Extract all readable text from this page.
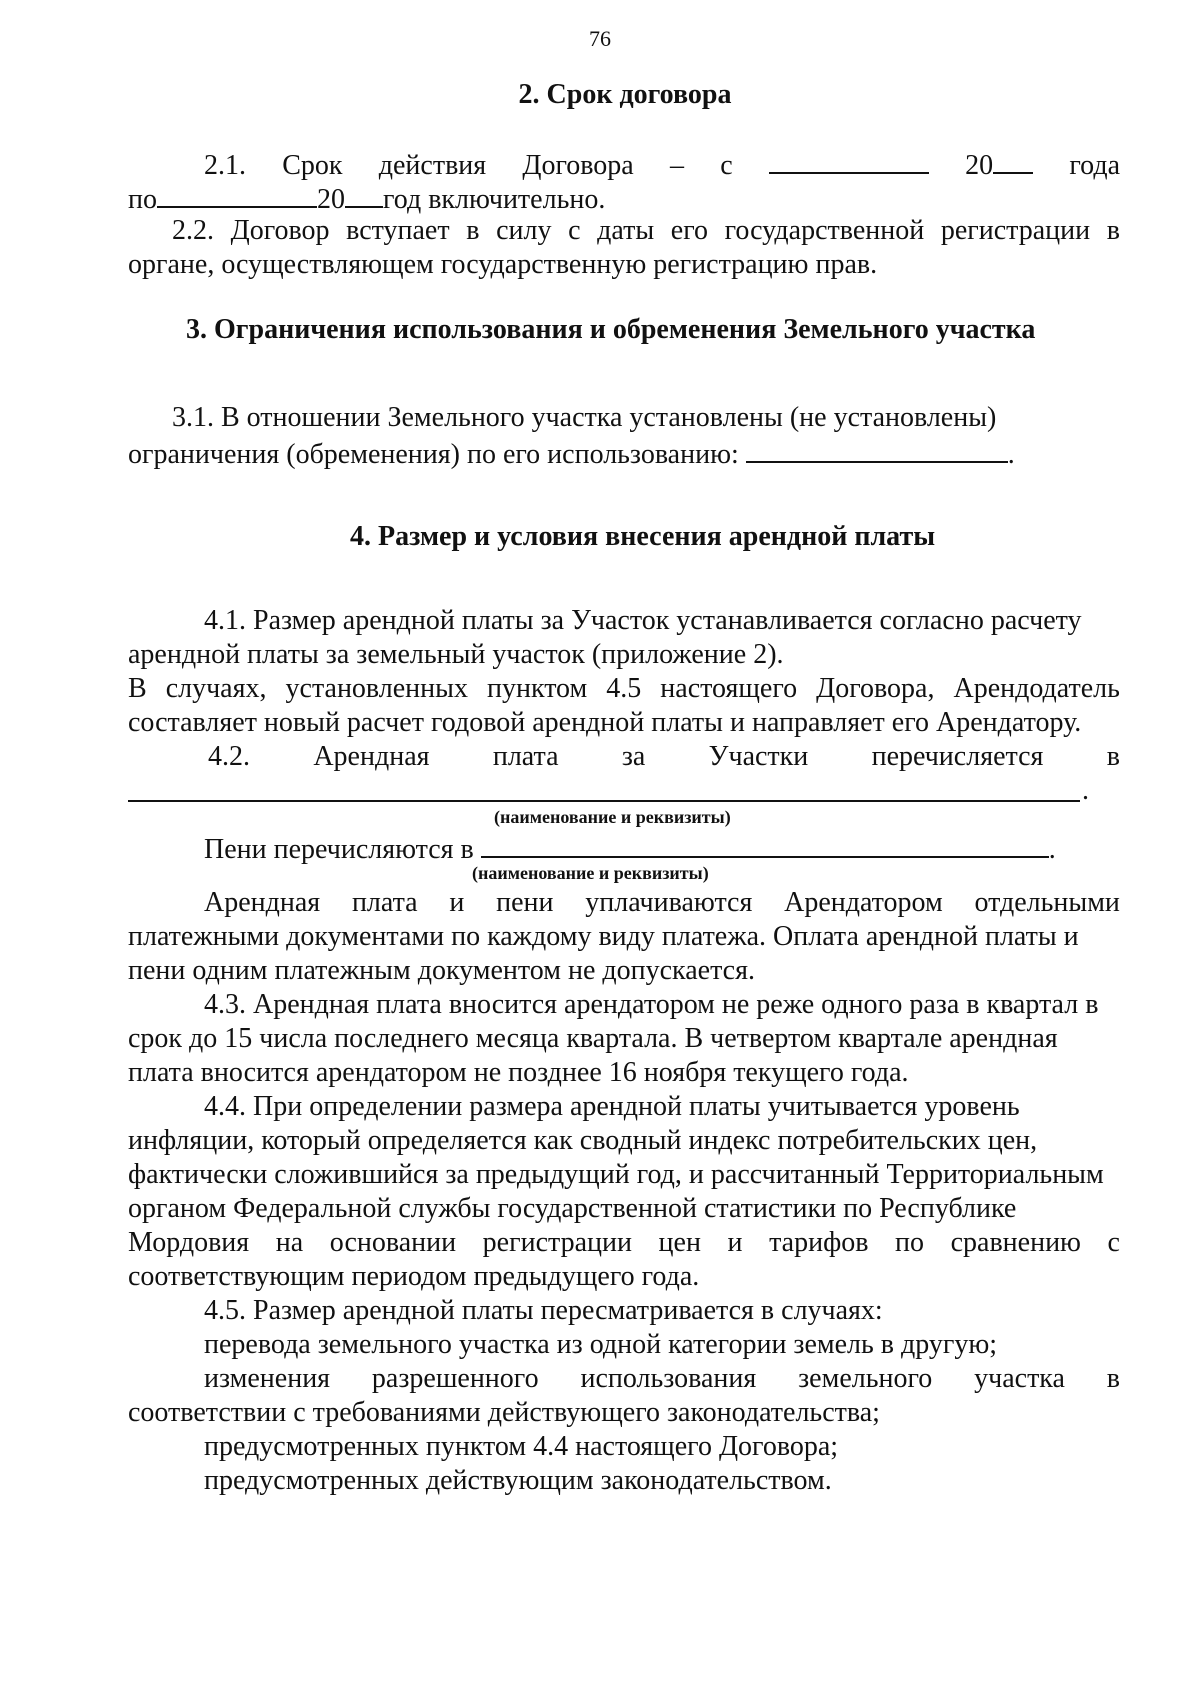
76
2. Срок договора
2.1. Срок действия Договора – с	20	года
по	20 год включительно.
2.2. Договор вступает в силу с даты его государственной регистрации в
органе, осуществляющем государственную регистрацию прав.
3. Ограничения использования и обременения Земельного участка
3.1. В отношении Земельного участка установлены (не установлены)
ограничения (обременения) по его использованию:	.
4. Размер и условия внесения арендной платы
4.1. Размер арендной платы за Участок устанавливается согласно расчету
арендной платы за земельный участок (приложение 2).
В случаях, установленных пунктом 4.5 настоящего Договора, Арендодатель
составляет новый расчет годовой арендной платы и направляет его Арендатору.
4.2. Арендная плата за Участки перечисляется в
.
(наименование и реквизиты)
Пени перечисляются в	.
(наименование и реквизиты)
Арендная плата и пени уплачиваются Арендатором отдельными
платежными документами по каждому виду платежа. Оплата арендной платы и
пени одним платежным документом не допускается.
4.3. Арендная плата вносится арендатором не реже одного раза в квартал в
срок до 15 числа последнего месяца квартала. В четвертом квартале арендная
плата вносится арендатором не позднее 16 ноября текущего года.
4.4. При определении размера арендной платы учитывается уровень
инфляции, который определяется как сводный индекс потребительских цен,
фактически сложившийся за предыдущий год, и рассчитанный Территориальным
органом Федеральной службы государственной статистики по Республике
Мордовия на основании регистрации цен и тарифов по сравнению с
соответствующим периодом предыдущего года.
4.5. Размер арендной платы пересматривается в случаях:
перевода земельного участка из одной категории земель в другую;
изменения разрешенного использования земельного участка в
соответствии с требованиями действующего законодательства;
предусмотренных пунктом 4.4 настоящего Договора;
предусмотренных действующим законодательством.
